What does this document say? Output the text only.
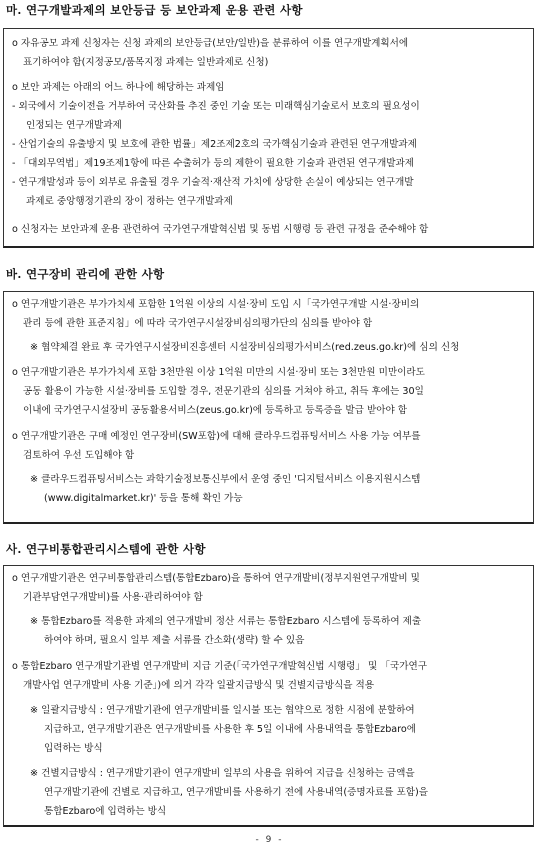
마. 연구개발과제의 보안등급 등 보안과제 운용 관련 사항
o 자유공모 과제 신청자는 신청 과제의 보안등급(보안/일반)을 분류하여 이를 연구개발계획서에
표기하여야 함(지정공모/품목지정 과제는 일반과제로 신청)
o 보안 과제는 아래의 어느 하나에 해당하는 과제임
- 외국에서 기술이전을 거부하여 국산화를 추진 중인 기술 또는 미래핵심기술로서 보호의 필요성이
인정되는 연구개발과제
- 산업기술의 유출방지 및 보호에 관한 법률」제2조제2호의 국가핵심기술과 관련된 연구개발과제
- 「대외무역법」제19조제1항에 따른 수출허가 등의 제한이 필요한 기술과 관련된 연구개발과제
- 연구개발성과 등이 외부로 유출될 경우 기술적·재산적 가치에 상당한 손실이 예상되는 연구개발
과제로 중앙행정기관의 장이 정하는 연구개발과제
o 신청자는 보안과제 운용 관련하여 국가연구개발혁신법 및 동법 시행령 등 관련 규정을 준수해야 함
바. 연구장비 관리에 관한 사항
o 연구개발기관은 부가가치세 포함한 1억원 이상의 시설·장비 도입 시「국가연구개발 시설·장비의
관리 등에 관한 표준지침」에 따라 국가연구시설장비심의평가단의 심의를 받아야 함
※ 협약체결 완료 후 국가연구시설장비진흥센터 시설장비심의평가서비스(red.zeus.go.kr)에 심의 신청
o 연구개발기관은 부가가치세 포함 3천만원 이상 1억원 미만의 시설·장비 또는 3천만원 미만이라도
공동 활용이 가능한 시설·장비를 도입할 경우, 전문기관의 심의를 거쳐야 하고, 취득 후에는 30일
이내에 국가연구시설장비 공동활용서비스(zeus.go.kr)에 등록하고 등록증을 발급 받아야 함
o 연구개발기관은 구매 예정인 연구장비(SW포함)에 대해 클라우드컴퓨팅서비스 사용 가능 여부를
검토하여 우선 도입해야 함
※ 클라우드컴퓨팅서비스는 과학기술정보통신부에서 운영 중인 '디지털서비스 이용지원시스템
(www.digitalmarket.kr)' 등을 통해 확인 가능
사. 연구비통합관리시스템에 관한 사항
o 연구개발기관은 연구비통합관리스템(통합Ezbaro)을 통하여 연구개발비(정부지원연구개발비 및
기관부담연구개발비)를 사용·관리하여야 함
※ 통합Ezbaro를 적용한 과제의 연구개발비 정산 서류는 통합Ezbaro 시스템에 등록하여 제출
하여야 하며, 필요시 일부 제출 서류를 간소화(생략) 할 수 있음
o 통합Ezbaro 연구개발기관별 연구개발비 지급 기준(「국가연구개발혁신법 시행령」 및 「국가연구
개발사업 연구개발비 사용 기준」)에 의거 각각 일괄지급방식 및 건별지급방식을 적용
※ 일괄지급방식 : 연구개발기관에 연구개발비를 일시불 또는 협약으로 정한 시점에 분할하여
지급하고, 연구개발기관은 연구개발비를 사용한 후 5일 이내에 사용내역을 통합Ezbaro에
입력하는 방식
※ 건별지급방식 : 연구개발기관이 연구개발비 일부의 사용을 위하여 지급을 신청하는 금액을
연구개발기관에 건별로 지급하고, 연구개발비를 사용하기 전에 사용내역(증명자료를 포함)을
통합Ezbaro에 입력하는 방식
- 9 -
